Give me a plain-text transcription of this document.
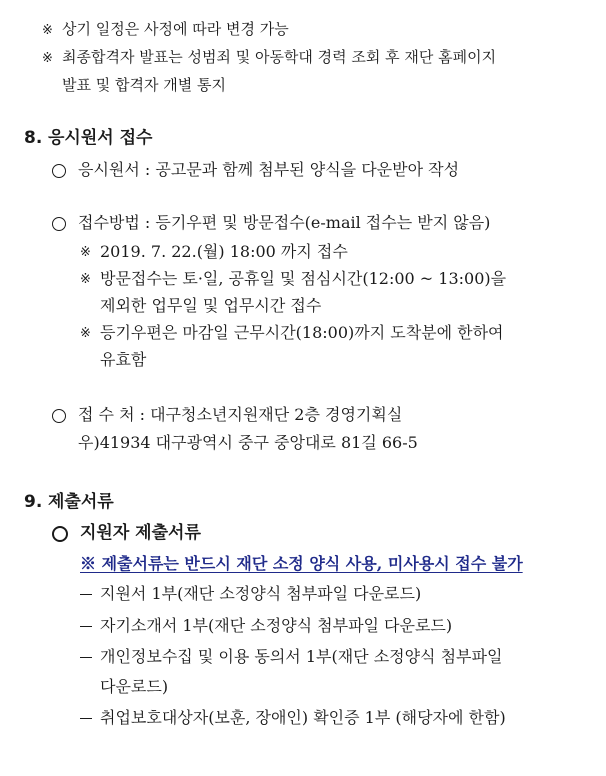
※ 상기 일정은 사정에 따라 변경 가능
※ 최종합격자 발표는 성범죄 및 아동학대 경력 조회 후 재단 홈페이지
발표 및 합격자 개별 통지
8. 응시원서 접수
응시원서 : 공고문과 함께 첨부된 양식을 다운받아 작성
접수방법 : 등기우편 및 방문접수(e-mail 접수는 받지 않음)
※ 2019. 7. 22.(월) 18:00 까지 접수
※ 방문접수는 토·일, 공휴일 및 점심시간(12:00 ~ 13:00)을
제외한 업무일 및 업무시간 접수
※ 등기우편은 마감일 근무시간(18:00)까지 도착분에 한하여
유효함
접 수 처 : 대구청소년지원재단 2층 경영기획실
우)41934 대구광역시 중구 중앙대로 81길 66-5
9. 제출서류
지원자 제출서류
※ 제출서류는 반드시 재단 소정 양식 사용, 미사용시 접수 불가
지원서 1부(재단 소정양식 첨부파일 다운로드)
자기소개서 1부(재단 소정양식 첨부파일 다운로드)
개인정보수집 및 이용 동의서 1부(재단 소정양식 첨부파일
다운로드)
취업보호대상자(보훈, 장애인) 확인증 1부 (해당자에 한함)
